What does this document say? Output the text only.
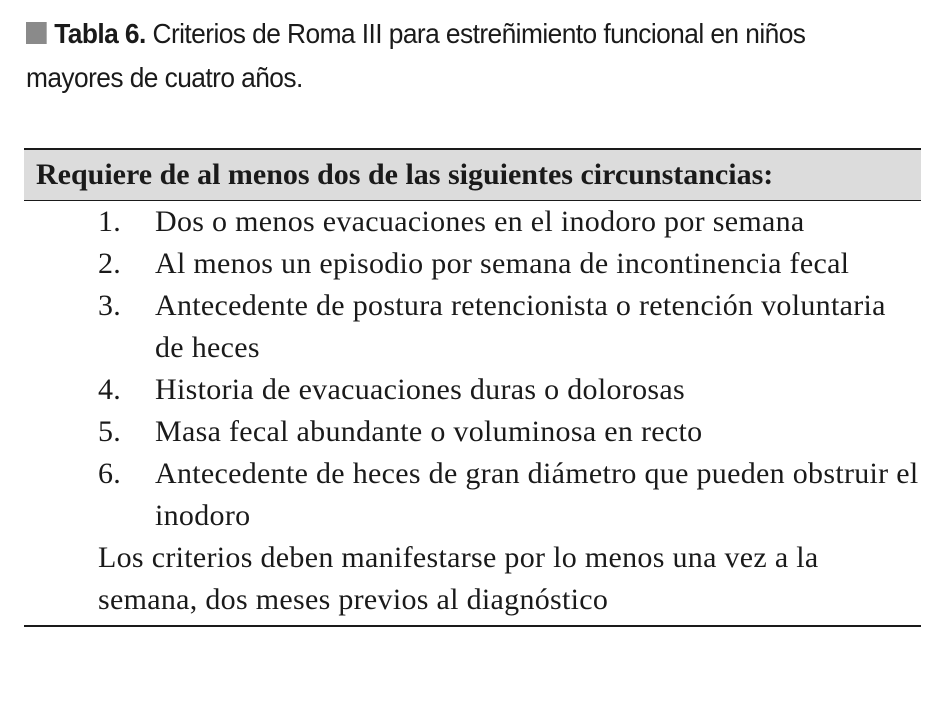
Tabla 6. Criterios de Roma III para estreñimiento funcional en niños mayores de cuatro años.
Requiere de al menos dos de las siguientes circunstancias:
1. Dos o menos evacuaciones en el inodoro por semana
2. Al menos un episodio por semana de incontinencia fecal
3. Antecedente de postura retencionista o retención voluntaria de heces
4. Historia de evacuaciones duras o dolorosas
5. Masa fecal abundante o voluminosa en recto
6. Antecedente de heces de gran diámetro que pueden obstruir el inodoro
Los criterios deben manifestarse por lo menos una vez a la semana, dos meses previos al diagnóstico
